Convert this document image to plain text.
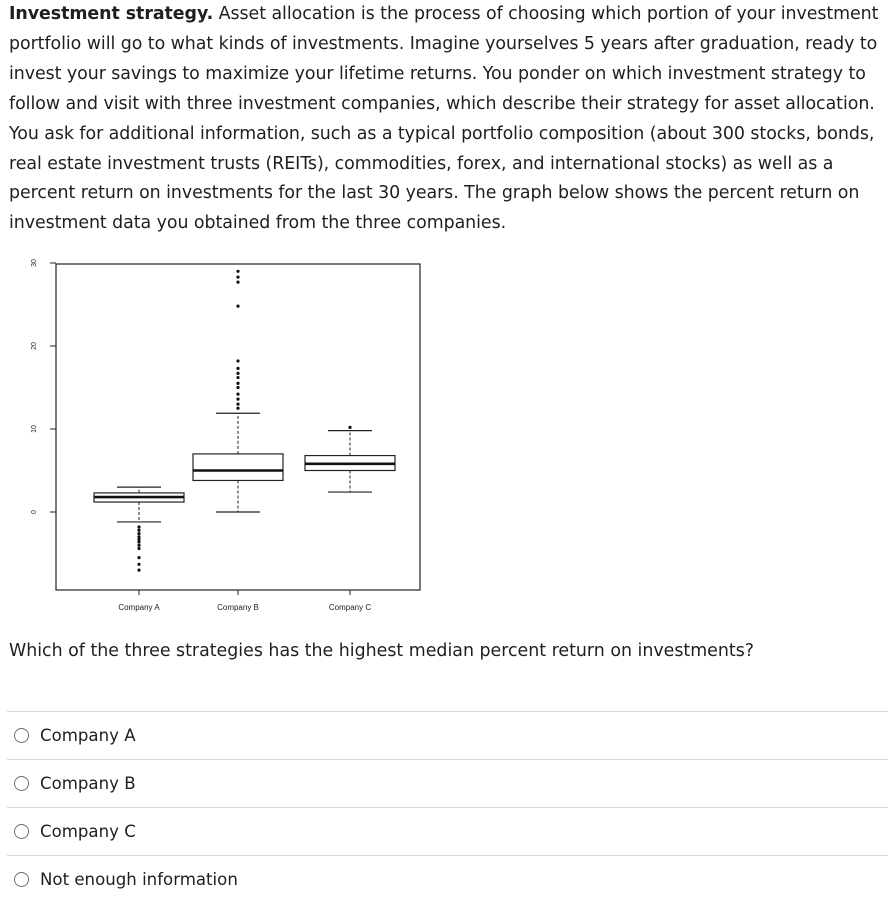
Investment strategy. Asset allocation is the process of choosing which portion of your investment portfolio will go to what kinds of investments. Imagine yourselves 5 years after graduation, ready to invest your savings to maximize your lifetime returns. You ponder on which investment strategy to follow and visit with three investment companies, which describe their strategy for asset allocation. You ask for additional information, such as a typical portfolio composition (about 300 stocks, bonds, real estate investment trusts (REITs), commodities, forex, and international stocks) as well as a percent return on investments for the last 30 years. The graph below shows the percent return on investment data you obtained from the three companies.
0
10
20
30
Company A	Company B	Company C
Which of the three strategies has the highest median percent return on investments?
Company A
Company B
Company C
Not enough information
